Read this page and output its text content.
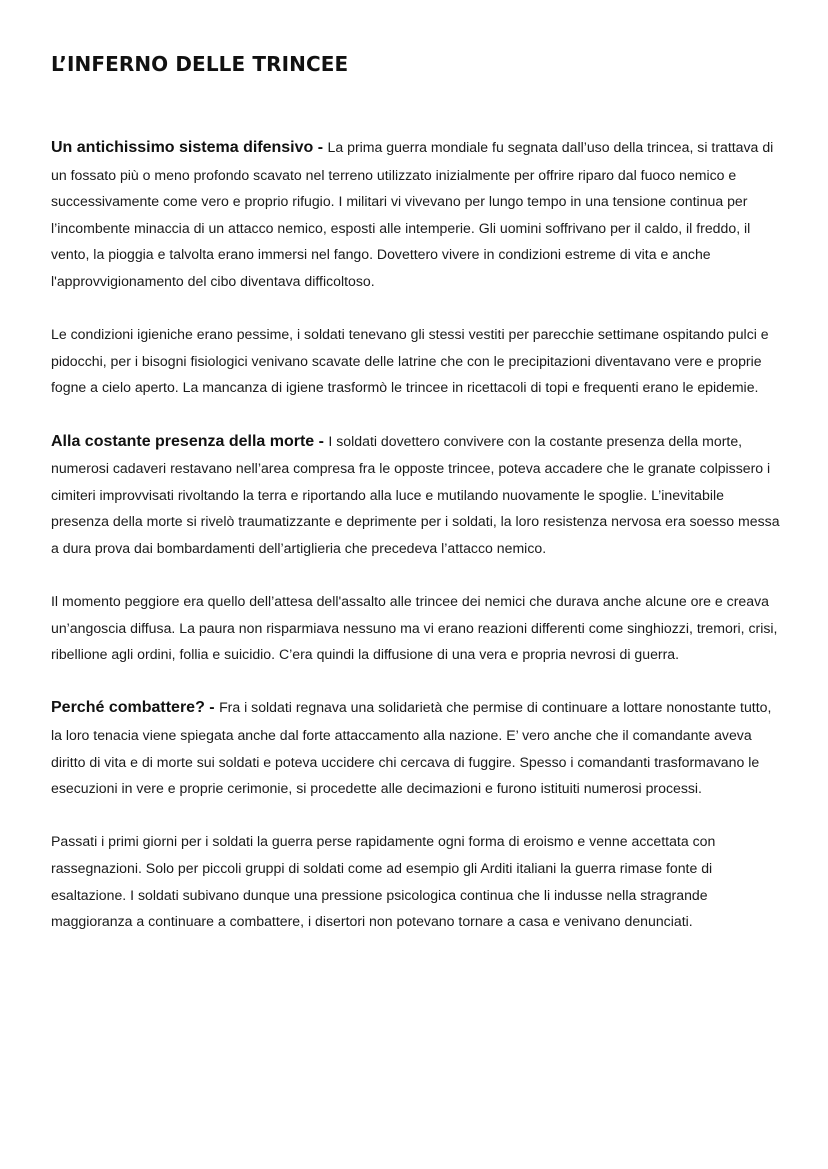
L’INFERNO DELLE TRINCEE

Un antichissimo sistema difensivo - La prima guerra mondiale fu segnata dall’uso della trincea, si trattava di un fossato più o meno profondo scavato nel terreno utilizzato inizialmente per offrire riparo dal fuoco nemico e successivamente come vero e proprio rifugio. I militari vi vivevano per lungo tempo in una tensione continua per l’incombente minaccia di un attacco nemico, esposti alle intemperie. Gli uomini soffrivano per il caldo, il freddo, il vento, la pioggia e talvolta erano immersi nel fango. Dovettero vivere in condizioni estreme di vita e anche l'approvvigionamento del cibo diventava difficoltoso.

Le condizioni igieniche erano pessime, i soldati tenevano gli stessi vestiti per parecchie settimane ospitando pulci e pidocchi, per i bisogni fisiologici venivano scavate delle latrine che con le precipitazioni diventavano vere e proprie fogne a cielo aperto. La mancanza di igiene trasformò le trincee in ricettacoli di topi e frequenti erano le epidemie.

Alla costante presenza della morte - I soldati dovettero convivere con la costante presenza della morte, numerosi cadaveri restavano nell’area compresa fra le opposte trincee, poteva accadere che le granate colpissero i cimiteri improvvisati rivoltando la terra e riportando alla luce e mutilando nuovamente le spoglie. L’inevitabile presenza della morte si rivelò traumatizzante e deprimente per i soldati, la loro resistenza nervosa era soesso messa a dura prova dai bombardamenti dell’artiglieria che precedeva l’attacco nemico.

Il momento peggiore era quello dell’attesa dell'assalto alle trincee dei nemici che durava anche alcune ore e creava un’angoscia diffusa. La paura non risparmiava nessuno ma vi erano reazioni differenti come singhiozzi, tremori, crisi, ribellione agli ordini, follia e suicidio. C’era quindi la diffusione di una vera e propria nevrosi di guerra.

Perché combattere? - Fra i soldati regnava una solidarietà che permise di continuare a lottare nonostante tutto, la loro tenacia viene spiegata anche dal forte attaccamento alla nazione. E’ vero anche che il comandante aveva diritto di vita e di morte sui soldati e poteva uccidere chi cercava di fuggire. Spesso i comandanti trasformavano le esecuzioni in vere e proprie cerimonie, si procedette alle decimazioni e furono istituiti numerosi processi.

Passati i primi giorni per i soldati la guerra perse rapidamente ogni forma di eroismo e venne accettata con rassegnazioni. Solo per piccoli gruppi di soldati come ad esempio gli Arditi italiani la guerra rimase fonte di esaltazione. I soldati subivano dunque una pressione psicologica continua che li indusse nella stragrande maggioranza a continuare a combattere, i disertori non potevano tornare a casa e venivano denunciati.
